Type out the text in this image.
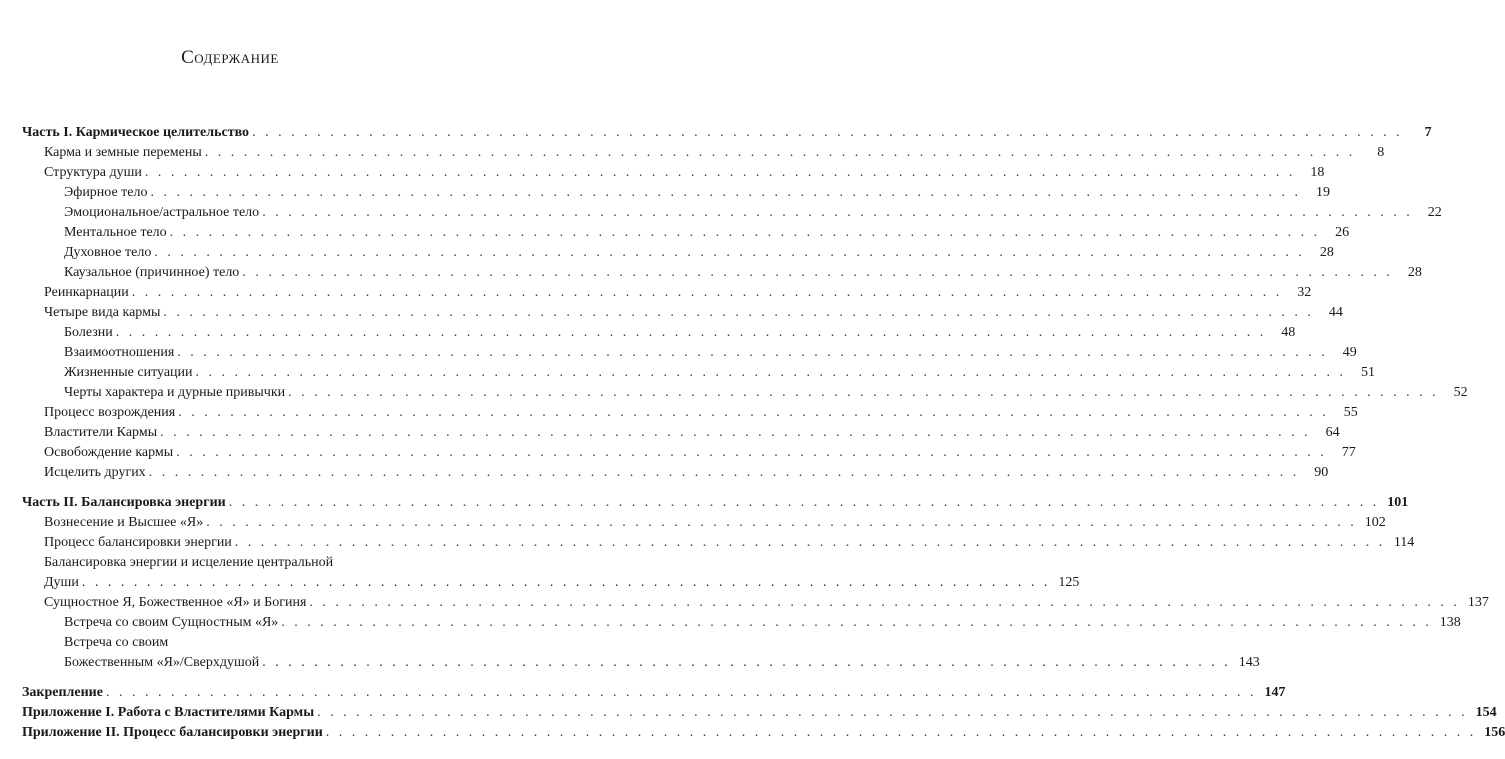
Содержание
Часть I. Кармическое целительство . . .	7
Карма и земные перемены . . .	8
Структура души . . .	18
Эфирное тело . . .	19
Эмоциональное/астральное тело . . .	22
Ментальное тело . . .	26
Духовное тело . . .	28
Каузальное (причинное) тело . . .	28
Реинкарнации . . .	32
Четыре вида кармы . . .	44
Болезни . . .	48
Взаимоотношения . . .	49
Жизненные ситуации . . .	51
Черты характера и дурные привычки . . .	52
Процесс возрождения . . .	55
Властители Кармы . . .	64
Освобождение кармы . . .	77
Исцелить других . . .	90
Часть II. Балансировка энергии . . .	101
Вознесение и Высшее «Я» . . .	102
Процесс балансировки энергии . . .	114
Балансировка энергии и исцеление центральной
Души . . .	125
Сущностное Я, Божественное «Я» и Богиня . . .	137
Встреча со своим Сущностным «Я» . . .	138
Встреча со своим
Божественным «Я»/Сверхдушой . . .	143
Закрепление . . .	147
Приложение I. Работа с Властителями Кармы . . .	154
Приложение II. Процесс балансировки энергии . . .	156
